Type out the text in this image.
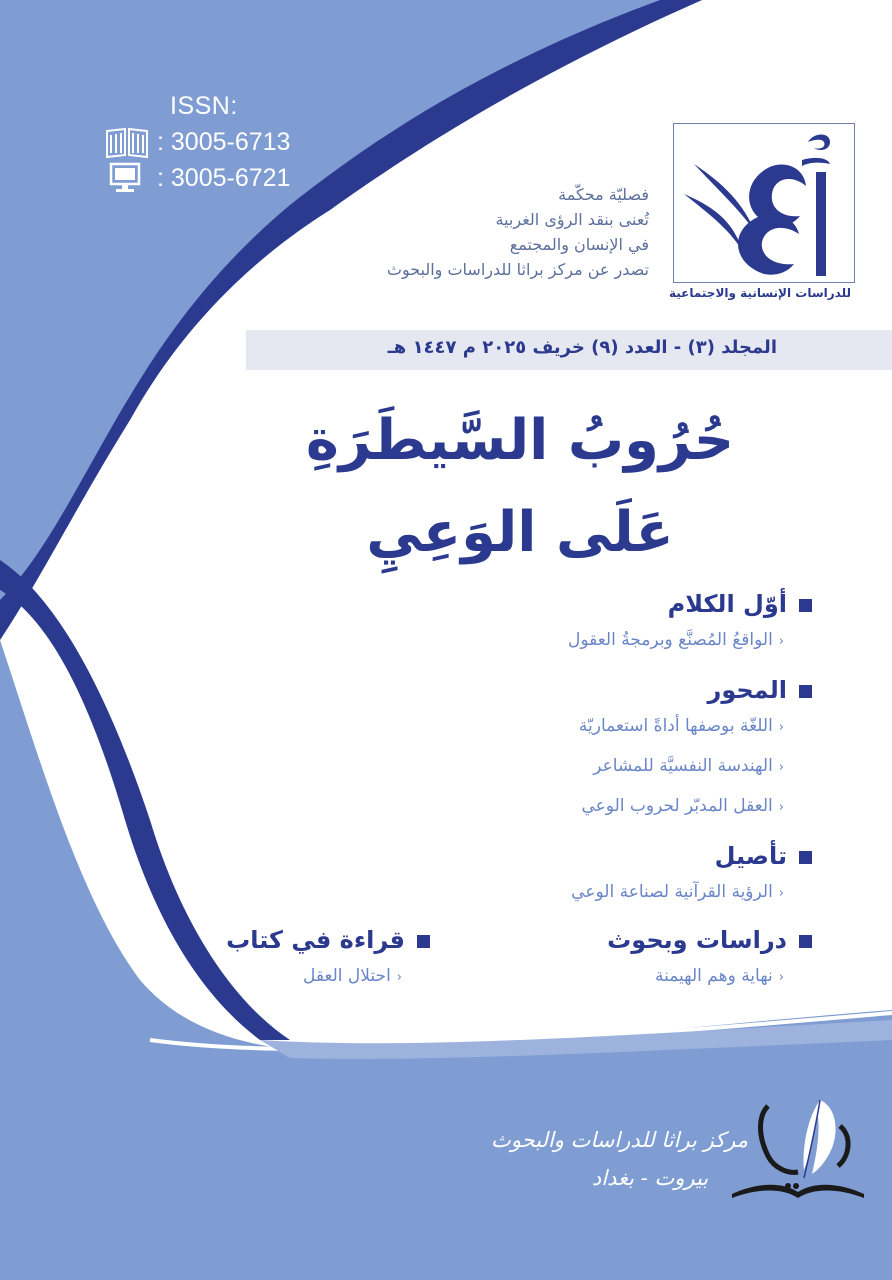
ISSN:
: 3005-6713
: 3005-6721
للدراسات الإنسانية والاجتماعية
فصليّة محكّمة
تُعنى بنقد الرؤى الغربية
في الإنسان والمجتمع
تصدر عن مركز براثا للدراسات والبحوث
المجلد (٣) - العدد (٩) خريف ٢٠٢٥ م ١٤٤٧ هـ
حُرُوبُ السَّيطَرَةِ
عَلَى الوَعِيِ
أوّل الكلام
‹الواقعُ المُصنَّع وبرمجةُ العقول
المحور
‹اللغّة بوصفها أداةً استعماريّة
‹الهندسة النفسيَّة للمشاعر
‹العقل المدبّر لحروب الوعي
تأصيل
‹الرؤية القرآنية لصناعة الوعي
دراسات وبحوث
‹نهاية وهم الهيمنة
قراءة في كتاب
‹احتلال العقل
مركز براثا للدراسات والبحوث
بيروت - بغداد
